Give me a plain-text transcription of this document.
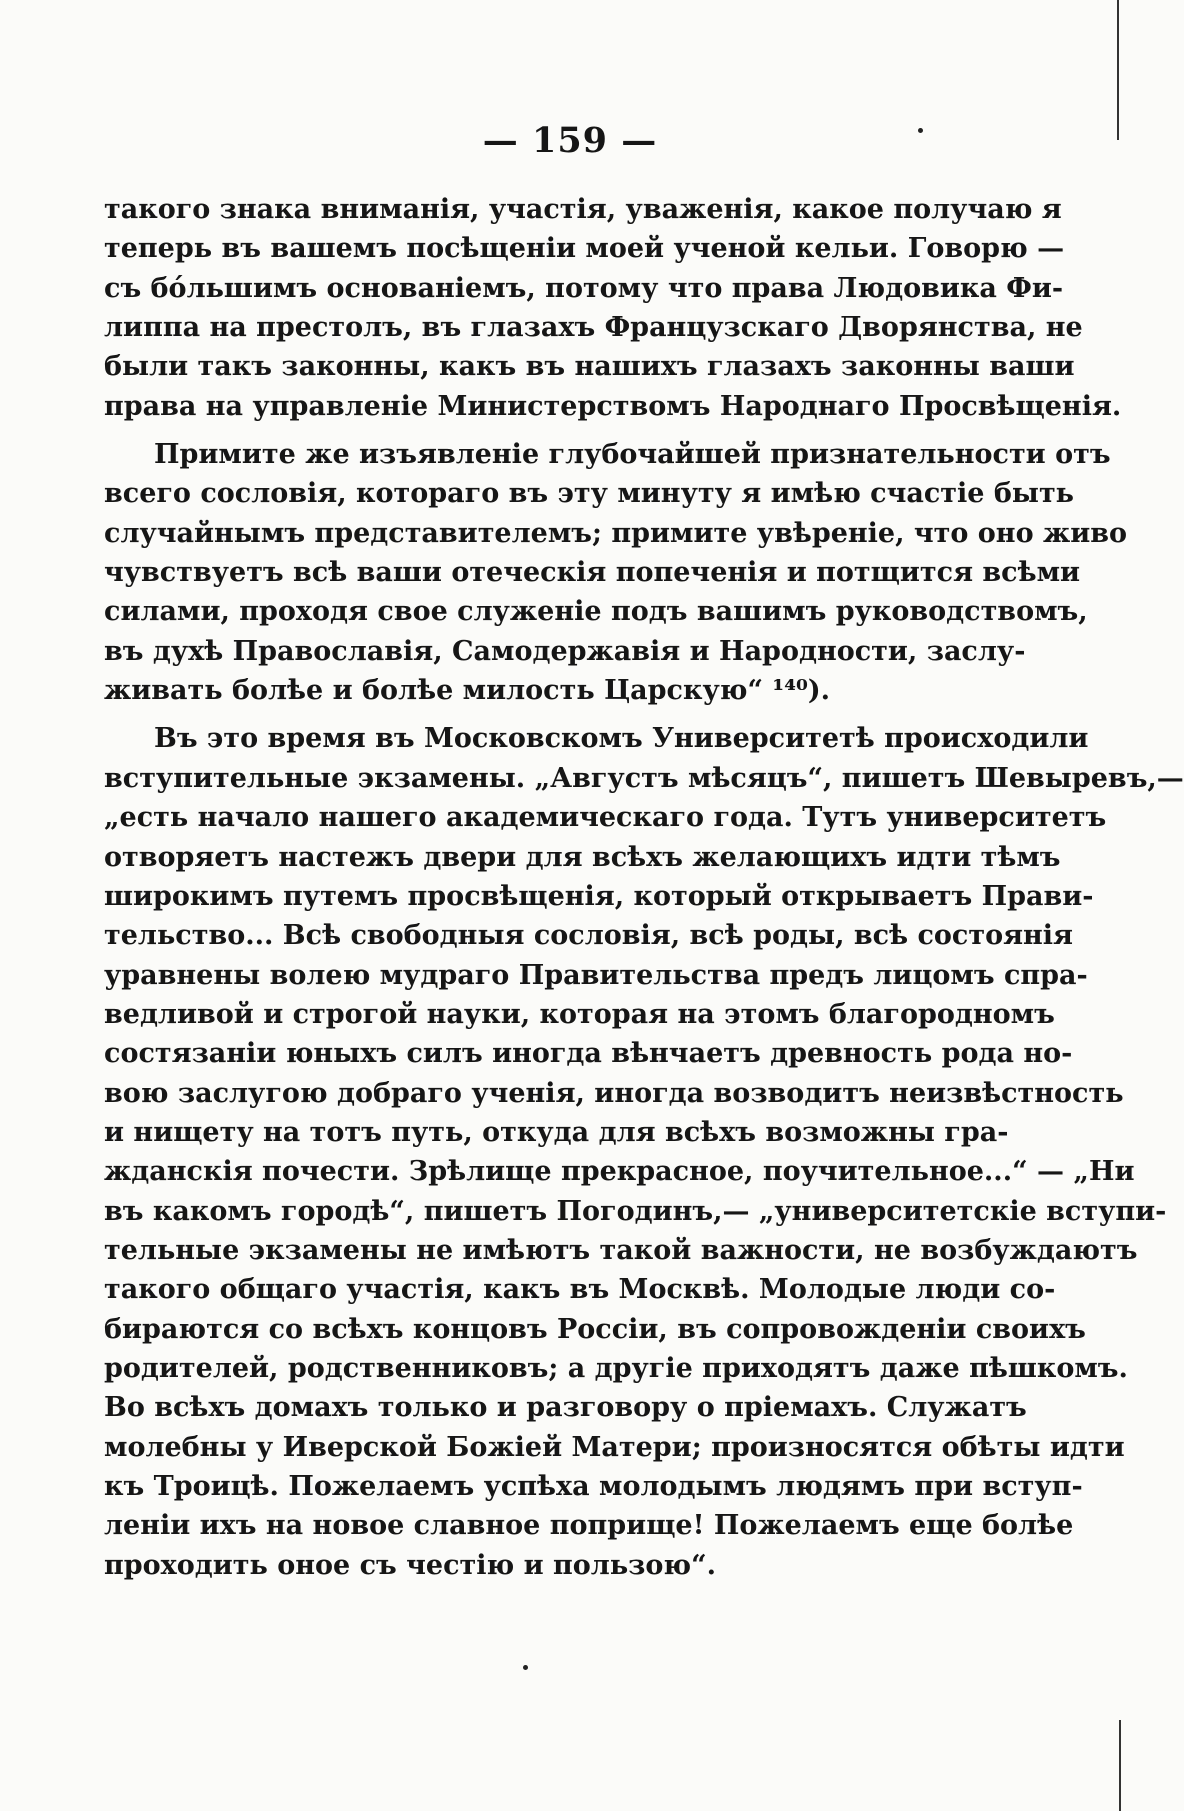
— 159 —
такого знака вниманія, участія, уваженія, какое получаю я
теперь въ вашемъ посѣщеніи моей ученой кельи. Говорю —
съ бо́льшимъ основаніемъ, потому что права Людовика Фи-
липпа на престолъ, въ глазахъ Французскаго Дворянства, не
были такъ законны, какъ въ нашихъ глазахъ законны ваши
права на управленіе Министерствомъ Народнаго Просвѣщенія.
Примите же изъявленіе глубочайшей признательности отъ
всего сословія, котораго въ эту минуту я имѣю счастіе быть
случайнымъ представителемъ; примите увѣреніе, что оно живо
чувствуетъ всѣ ваши отеческія попеченія и потщится всѣми
силами, проходя свое служеніе подъ вашимъ руководствомъ,
въ духѣ Православія, Самодержавія и Народности, заслу-
живать болѣе и болѣе милость Царскую“ ¹⁴⁰).
Въ это время въ Московскомъ Университетѣ происходили
вступительные экзамены. „Августъ мѣсяцъ“, пишетъ Шевыревъ,—
„есть начало нашего академическаго года. Тутъ университетъ
отворяетъ настежъ двери для всѣхъ желающихъ идти тѣмъ
широкимъ путемъ просвѣщенія, который открываетъ Прави-
тельство... Всѣ свободныя сословія, всѣ роды, всѣ состоянія
уравнены волею мудраго Правительства предъ лицомъ спра-
ведливой и строгой науки, которая на этомъ благородномъ
состязаніи юныхъ силъ иногда вѣнчаетъ древность рода но-
вою заслугою добраго ученія, иногда возводитъ неизвѣстность
и нищету на тотъ путь, откуда для всѣхъ возможны гра-
жданскія почести. Зрѣлище прекрасное, поучительное...“ — „Ни
въ какомъ городѣ“, пишетъ Погодинъ,— „университетскіе вступи-
тельные экзамены не имѣютъ такой важности, не возбуждаютъ
такого общаго участія, какъ въ Москвѣ. Молодые люди со-
бираются со всѣхъ концовъ Россіи, въ сопровожденіи своихъ
родителей, родственниковъ; а другіе приходятъ даже пѣшкомъ.
Во всѣхъ домахъ только и разговору о пріемахъ. Служатъ
молебны у Иверской Божіей Матери; произносятся обѣты идти
къ Троицѣ. Пожелаемъ успѣха молодымъ людямъ при вступ-
леніи ихъ на новое славное поприще! Пожелаемъ еще болѣе
проходить оное съ честію и пользою“.
